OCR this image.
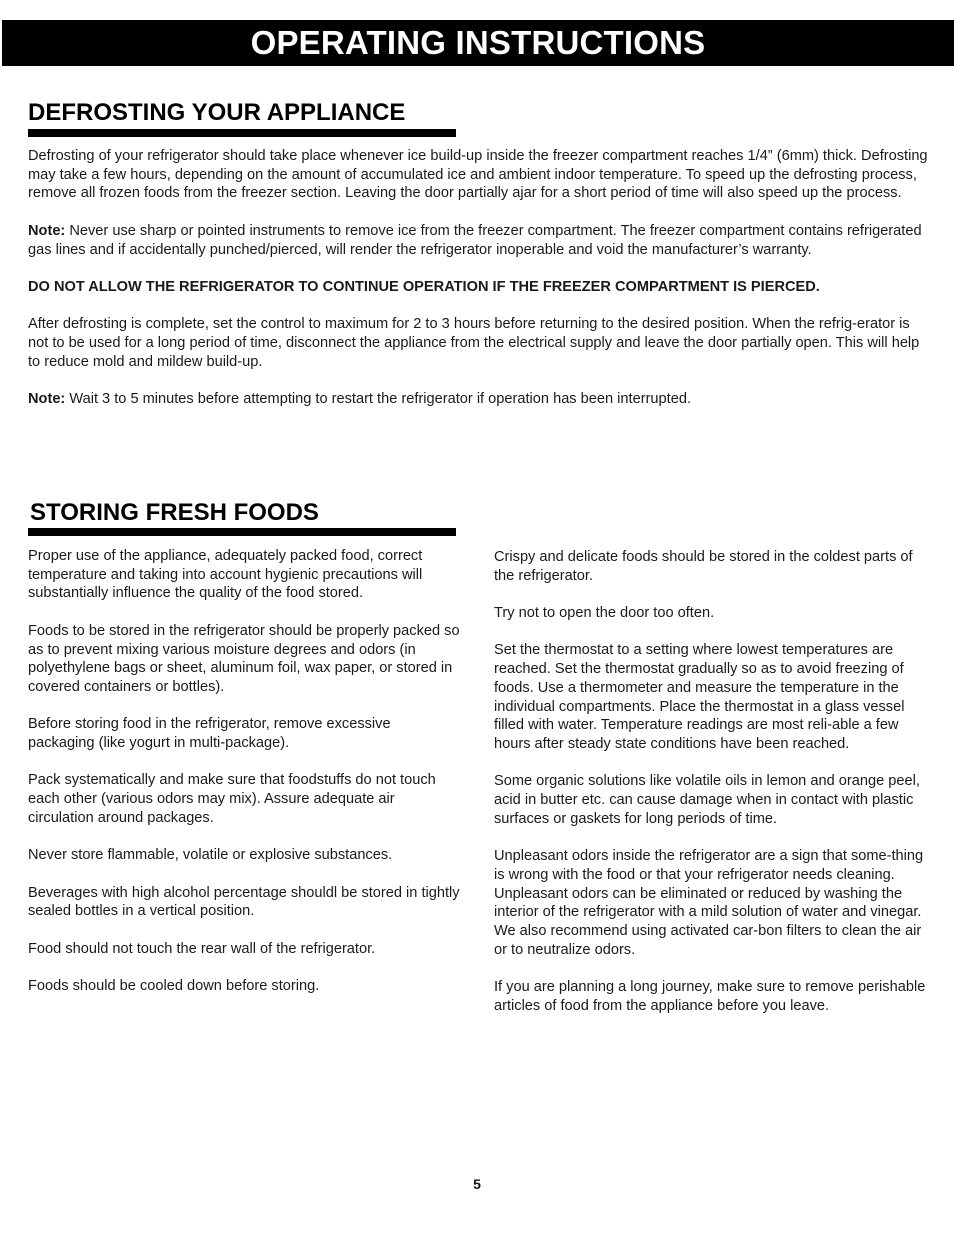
OPERATING INSTRUCTIONS
DEFROSTING YOUR APPLIANCE

Defrosting of your refrigerator should take place whenever ice build-up inside the freezer compartment reaches 1/4” (6mm) thick. Defrosting may take a few hours, depending on the amount of accumulated ice and ambient indoor temperature. To speed up the defrosting process, remove all frozen foods from the freezer section. Leaving the door partially ajar for a short period of time will also speed up the process.

Note: Never use sharp or pointed instruments to remove ice from the freezer compartment. The freezer compartment contains refrigerated gas lines and if accidentally punched/pierced, will render the refrigerator inoperable and void the manufacturer’s warranty.

DO NOT ALLOW THE REFRIGERATOR TO CONTINUE OPERATION IF THE FREEZER COMPARTMENT IS PIERCED.

After defrosting is complete, set the control to maximum for 2 to 3 hours before returning to the desired position. When the refrig-erator is not to be used for a long period of time, disconnect the appliance from the electrical supply and leave the door partially open. This will help to reduce mold and mildew build-up.

Note: Wait 3 to 5 minutes before attempting to restart the refrigerator if operation has been interrupted.

STORING FRESH FOODS

Proper use of the appliance, adequately packed food, correct temperature and taking into account hygienic precautions will substantially influence the quality of the food stored.

Foods to be stored in the refrigerator should be properly packed so as to prevent mixing various moisture degrees and odors (in polyethylene bags or sheet, aluminum foil, wax paper, or stored in covered containers or bottles).

Before storing food in the refrigerator, remove excessive packaging (like yogurt in multi-package).

Pack systematically and make sure that foodstuffs do not touch each other (various odors may mix). Assure adequate air circulation around packages.

Never store flammable, volatile or explosive substances.

Beverages with high alcohol percentage shouldl be stored in tightly sealed bottles in a vertical position.

Food should not touch the rear wall of the refrigerator.

Foods should be cooled down before storing.

Crispy and delicate foods should be stored in the coldest parts of the refrigerator.

Try not to open the door too often.

Set the thermostat to a setting where lowest temperatures are reached. Set the thermostat gradually so as to avoid freezing of foods. Use a thermometer and measure the temperature in the individual compartments. Place the thermostat in a glass vessel filled with water. Temperature readings are most reli-able a few hours after steady state conditions have been reached.

Some organic solutions like volatile oils in lemon and orange peel, acid in butter etc. can cause damage when in contact with plastic surfaces or gaskets for long periods of time.

Unpleasant odors inside the refrigerator are a sign that some-thing is wrong with the food or that your refrigerator needs cleaning. Unpleasant odors can be eliminated or reduced by washing the interior of the refrigerator with a mild solution of water and vinegar. We also recommend using activated car-bon filters to clean the air or to neutralize odors.

If you are planning a long journey, make sure to remove perishable articles of food from the appliance before you leave.

5
